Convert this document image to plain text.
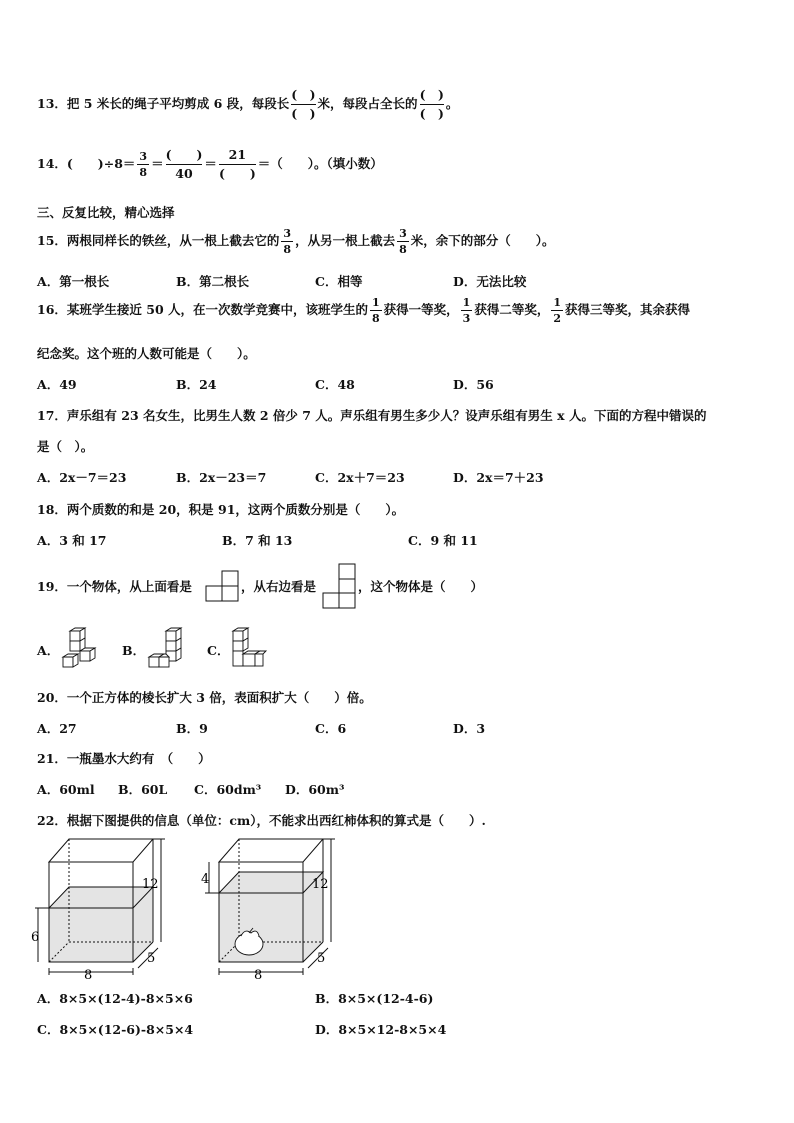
13．把 5 米长的绳子平均剪成 6 段，每段长 $\frac{( )}{( )}$ 米，每段占全长的 $\frac{( )}{( )}$ 。
14．(　　)$\div 8= \frac{3}{8} = \frac{( )}{40} = \frac{21}{( )}$ ＝（　　）。（填小数）
三、反复比较，精心选择
15．两根同样长的铁丝，从一根上截去它的 $\frac{3}{8}$ ，从另一根上截去 $\frac{3}{8}$ 米，余下的部分（　　）。
A．第一根长	B．第二根长	C．相等	D．无法比较
16．某班学生接近 50 人，在一次数学竞赛中，该班学生的 $\frac{1}{8}$ 获得一等奖， $\frac{1}{3}$ 获得二等奖， $\frac{1}{2}$ 获得三等奖，其余获得
纪念奖。这个班的人数可能是（　　）。
A．49	B．24	C．48	D．56
17．声乐组有 23 名女生，比男生人数 2 倍少 7 人。声乐组有男生多少人？设声乐组有男生 x 人。下面的方程中错误的
是（　）。
A．2x－7＝23	B．2x－23＝7	C．2x＋7＝23	D．2x＝7＋23
18．两个质数的和是 20，积是 91，这两个质数分别是（　　）。
A．3 和 17	B．7 和 13	C．9 和 11
19．一个物体，从上面看是	，从右边看是	，这个物体是（　　）
A．	B．	C．
20．一个正方体的棱长扩大 3 倍，表面积扩大（　　）倍。
A．27	B．9	C．6	D．3
21．一瓶墨水大约有　（　　）
A．60ml B．60L C．60dm³ D．60m³
22．根据下图提供的信息（单位：cm），不能求出西红柿体积的算式是（　　）.
6
12
8
5
4	12
8
5
A．8×5×(12-4)-8×5×6	B．8×5×(12-4-6)
C．8×5×(12-6)-8×5×4	D．8×5×12-8×5×4
